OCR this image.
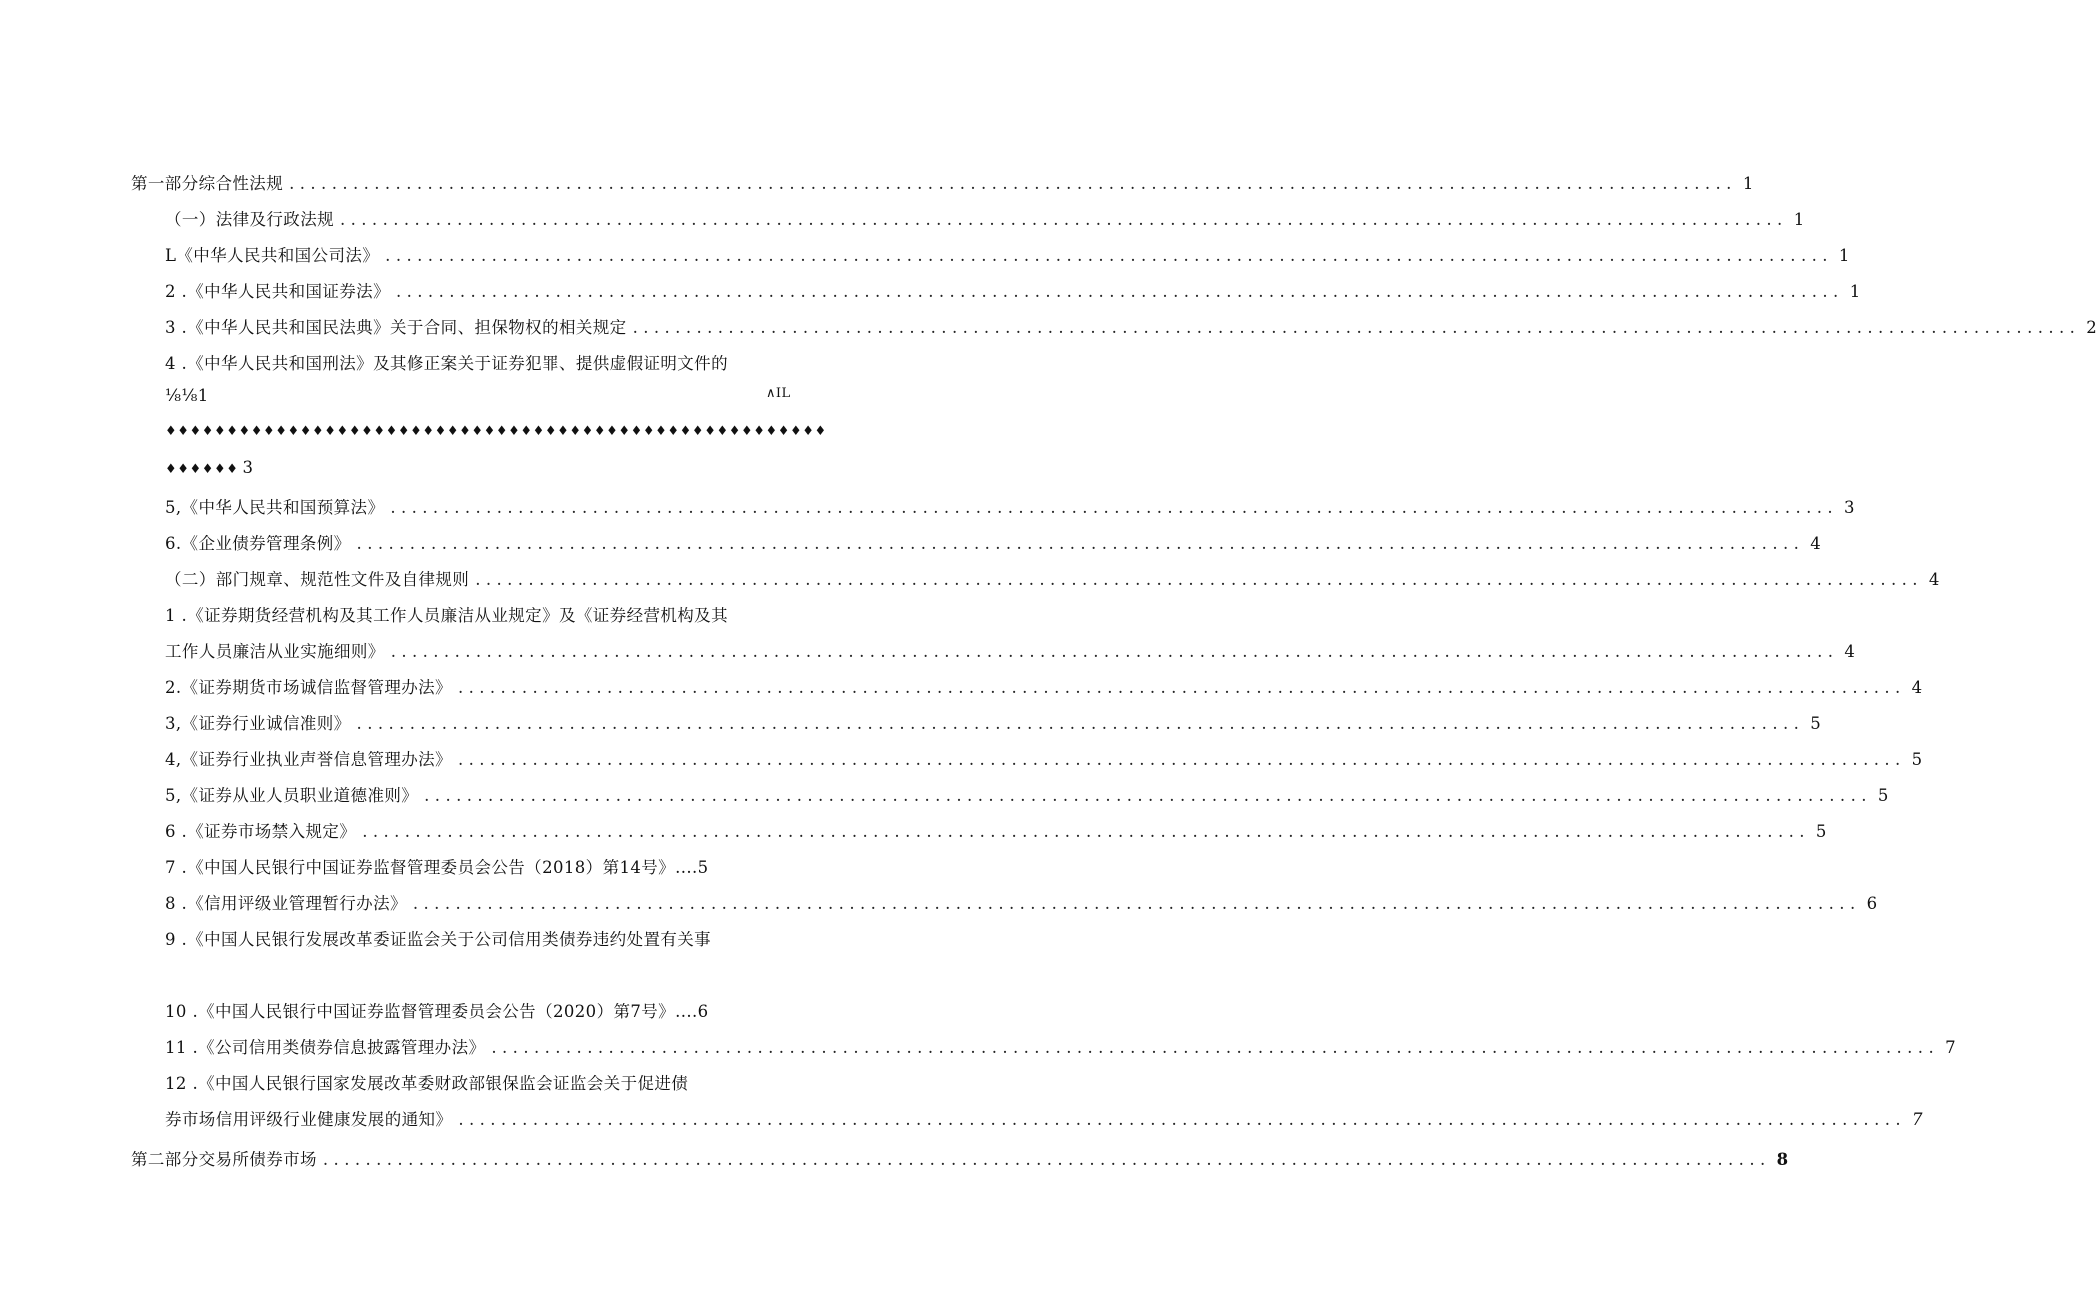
第一部分综合性法规 ........................................................................................................................................ 1
（一）法律及行政法规 ........................................................................................................................................ 1
L《中华人民共和国公司法》 ........................................................................................................................................ 1
2 .《中华人民共和国证券法》 ........................................................................................................................................ 1
3 .《中华人民共和国民法典》关于合同、担保物权的相关规定 ........................................................................................................................................ 2
4 .《中华人民共和国刑法》及其修正案关于证券犯罪、提供虚假证明文件的
⅛⅛1	∧ΙL
♦♦♦♦♦♦♦♦♦♦♦♦♦♦♦♦♦♦♦♦♦♦♦♦♦♦♦♦♦♦♦♦♦♦♦♦♦♦♦♦♦♦♦♦♦♦♦♦♦♦♦♦♦♦
♦♦♦♦♦♦ 3
5,《中华人民共和国预算法》 ........................................................................................................................................ 3
6.《企业债券管理条例》 ........................................................................................................................................ 4
（二）部门规章、规范性文件及自律规则 ........................................................................................................................................ 4
1 .《证券期货经营机构及其工作人员廉洁从业规定》及《证券经营机构及其
工作人员廉洁从业实施细则》 ........................................................................................................................................ 4
2.《证券期货市场诚信监督管理办法》 ........................................................................................................................................ 4
3,《证券行业诚信准则》 ........................................................................................................................................ 5
4,《证券行业执业声誉信息管理办法》 ........................................................................................................................................ 5
5,《证券从业人员职业道德准则》 ........................................................................................................................................ 5
6 .《证券市场禁入规定》 ........................................................................................................................................ 5
7 .《中国人民银行中国证券监督管理委员会公告（2018）第14号》....5
8 .《信用评级业管理暂行办法》 ........................................................................................................................................ 6
9 .《中国人民银行发展改革委证监会关于公司信用类债券违约处置有关事
10 .《中国人民银行中国证券监督管理委员会公告（2020）第7号》....6
11 .《公司信用类债券信息披露管理办法》 ........................................................................................................................................ 7
12 .《中国人民银行国家发展改革委财政部银保监会证监会关于促进债
券市场信用评级行业健康发展的通知》 ........................................................................................................................................ 7
第二部分交易所债券市场 ........................................................................................................................................ 8
